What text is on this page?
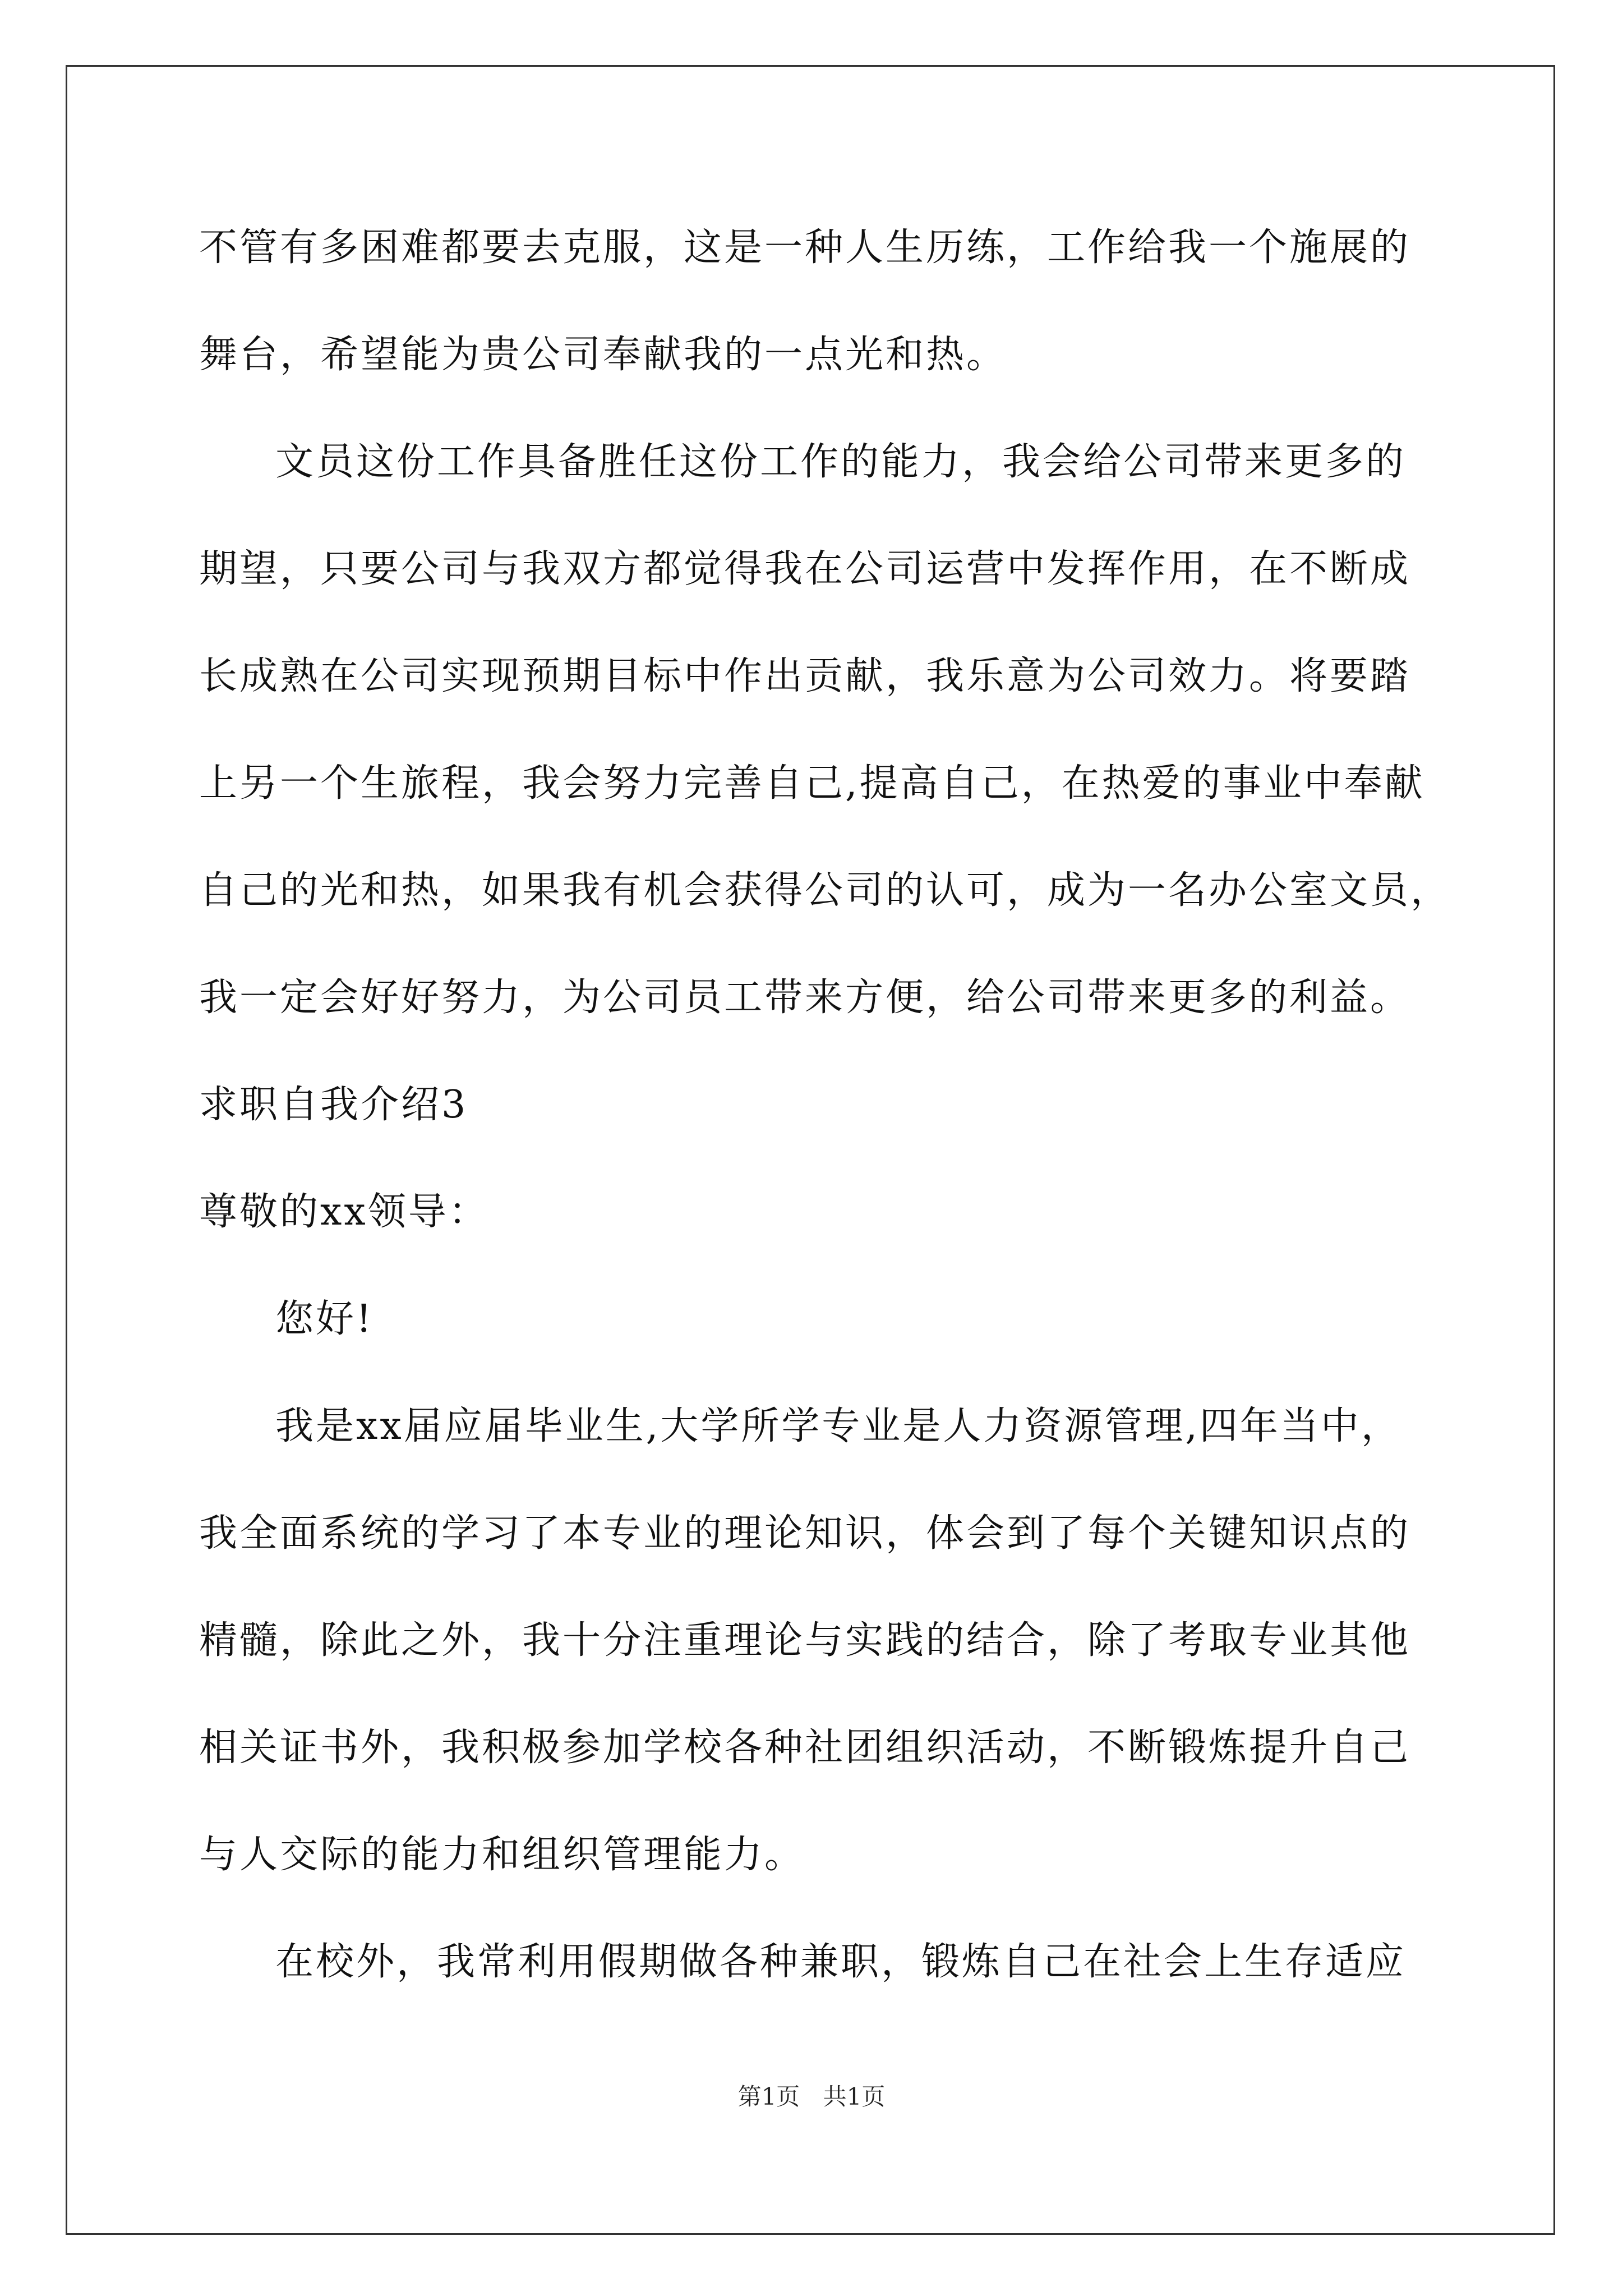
不管有多困难都要去克服，这是一种人生历练，工作给我一个施展的
舞台，希望能为贵公司奉献我的一点光和热。
文员这份工作具备胜任这份工作的能力，我会给公司带来更多的
期望，只要公司与我双方都觉得我在公司运营中发挥作用，在不断成
长成熟在公司实现预期目标中作出贡献，我乐意为公司效力。将要踏
上另一个生旅程，我会努力完善自己,提高自己，在热爱的事业中奉献
自己的光和热，如果我有机会获得公司的认可，成为一名办公室文员，
我一定会好好努力，为公司员工带来方便，给公司带来更多的利益。
求职自我介绍3
尊敬的xx领导：
您好!
我是xx届应届毕业生,大学所学专业是人力资源管理,四年当中，
我全面系统的学习了本专业的理论知识，体会到了每个关键知识点的
精髓，除此之外，我十分注重理论与实践的结合，除了考取专业其他
相关证书外，我积极参加学校各种社团组织活动，不断锻炼提升自己
与人交际的能力和组织管理能力。
在校外，我常利用假期做各种兼职，锻炼自己在社会上生存适应
第1页 共1页
